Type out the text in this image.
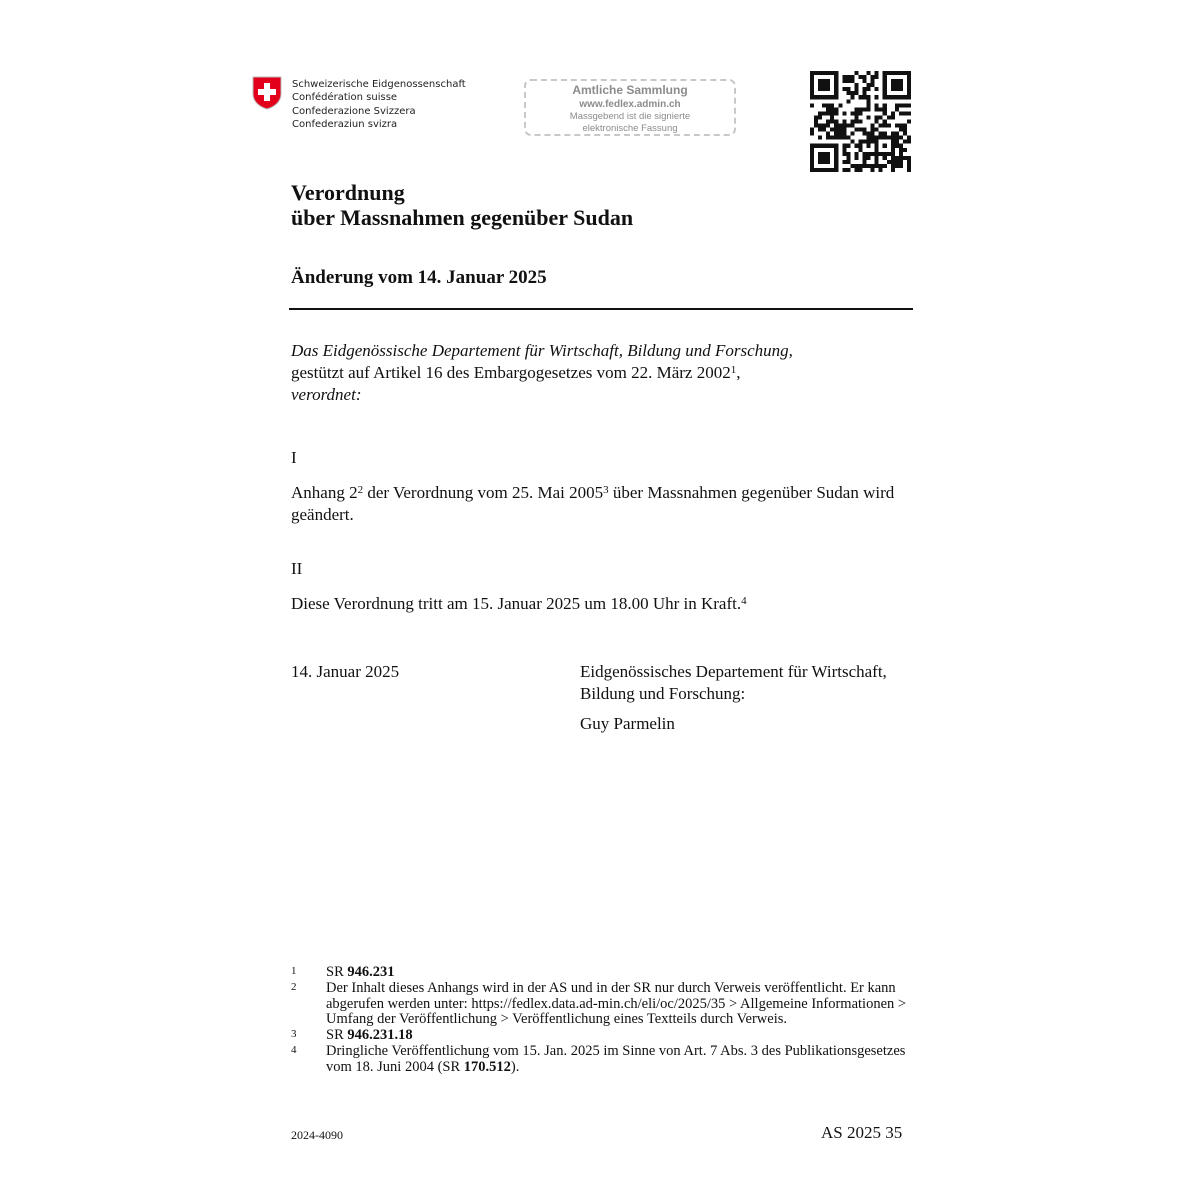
Schweizerische Eidgenossenschaft
Confédération suisse
Confederazione Svizzera
Confederaziun svizra
Amtliche Sammlung
www.fedlex.admin.ch
Massgebend ist die signierte
elektronische Fassung
Verordnung
über Massnahmen gegenüber Sudan
Änderung vom 14. Januar 2025
Das Eidgenössische Departement für Wirtschaft, Bildung und Forschung,
gestützt auf Artikel 16 des Embargogesetzes vom 22. März 2002$^1$,
verordnet:
I
Anhang 2$^2$ der Verordnung vom 25. Mai 2005$^3$ über Massnahmen gegenüber Sudan wird geändert.
II
Diese Verordnung tritt am 15. Januar 2025 um 18.00 Uhr in Kraft.$^4$
14. Januar 2025	Eidgenössisches Departement für Wirtschaft,
Bildung und Forschung:
Guy Parmelin
1	SR 946.231
2	Der Inhalt dieses Anhangs wird in der AS und in der SR nur durch Verweis veröffentlicht. Er kann abgerufen werden unter: https://fedlex.data.ad-min.ch/eli/oc/2025/35 > Allgemeine Informationen > Umfang der Veröffentlichung > Veröffentlichung eines Textteils durch Verweis.
3	SR 946.231.18
4	Dringliche Veröffentlichung vom 15. Jan. 2025 im Sinne von Art. 7 Abs. 3 des Publikationsgesetzes vom 18. Juni 2004 (SR 170.512).
2024-4090	AS 2025 35
